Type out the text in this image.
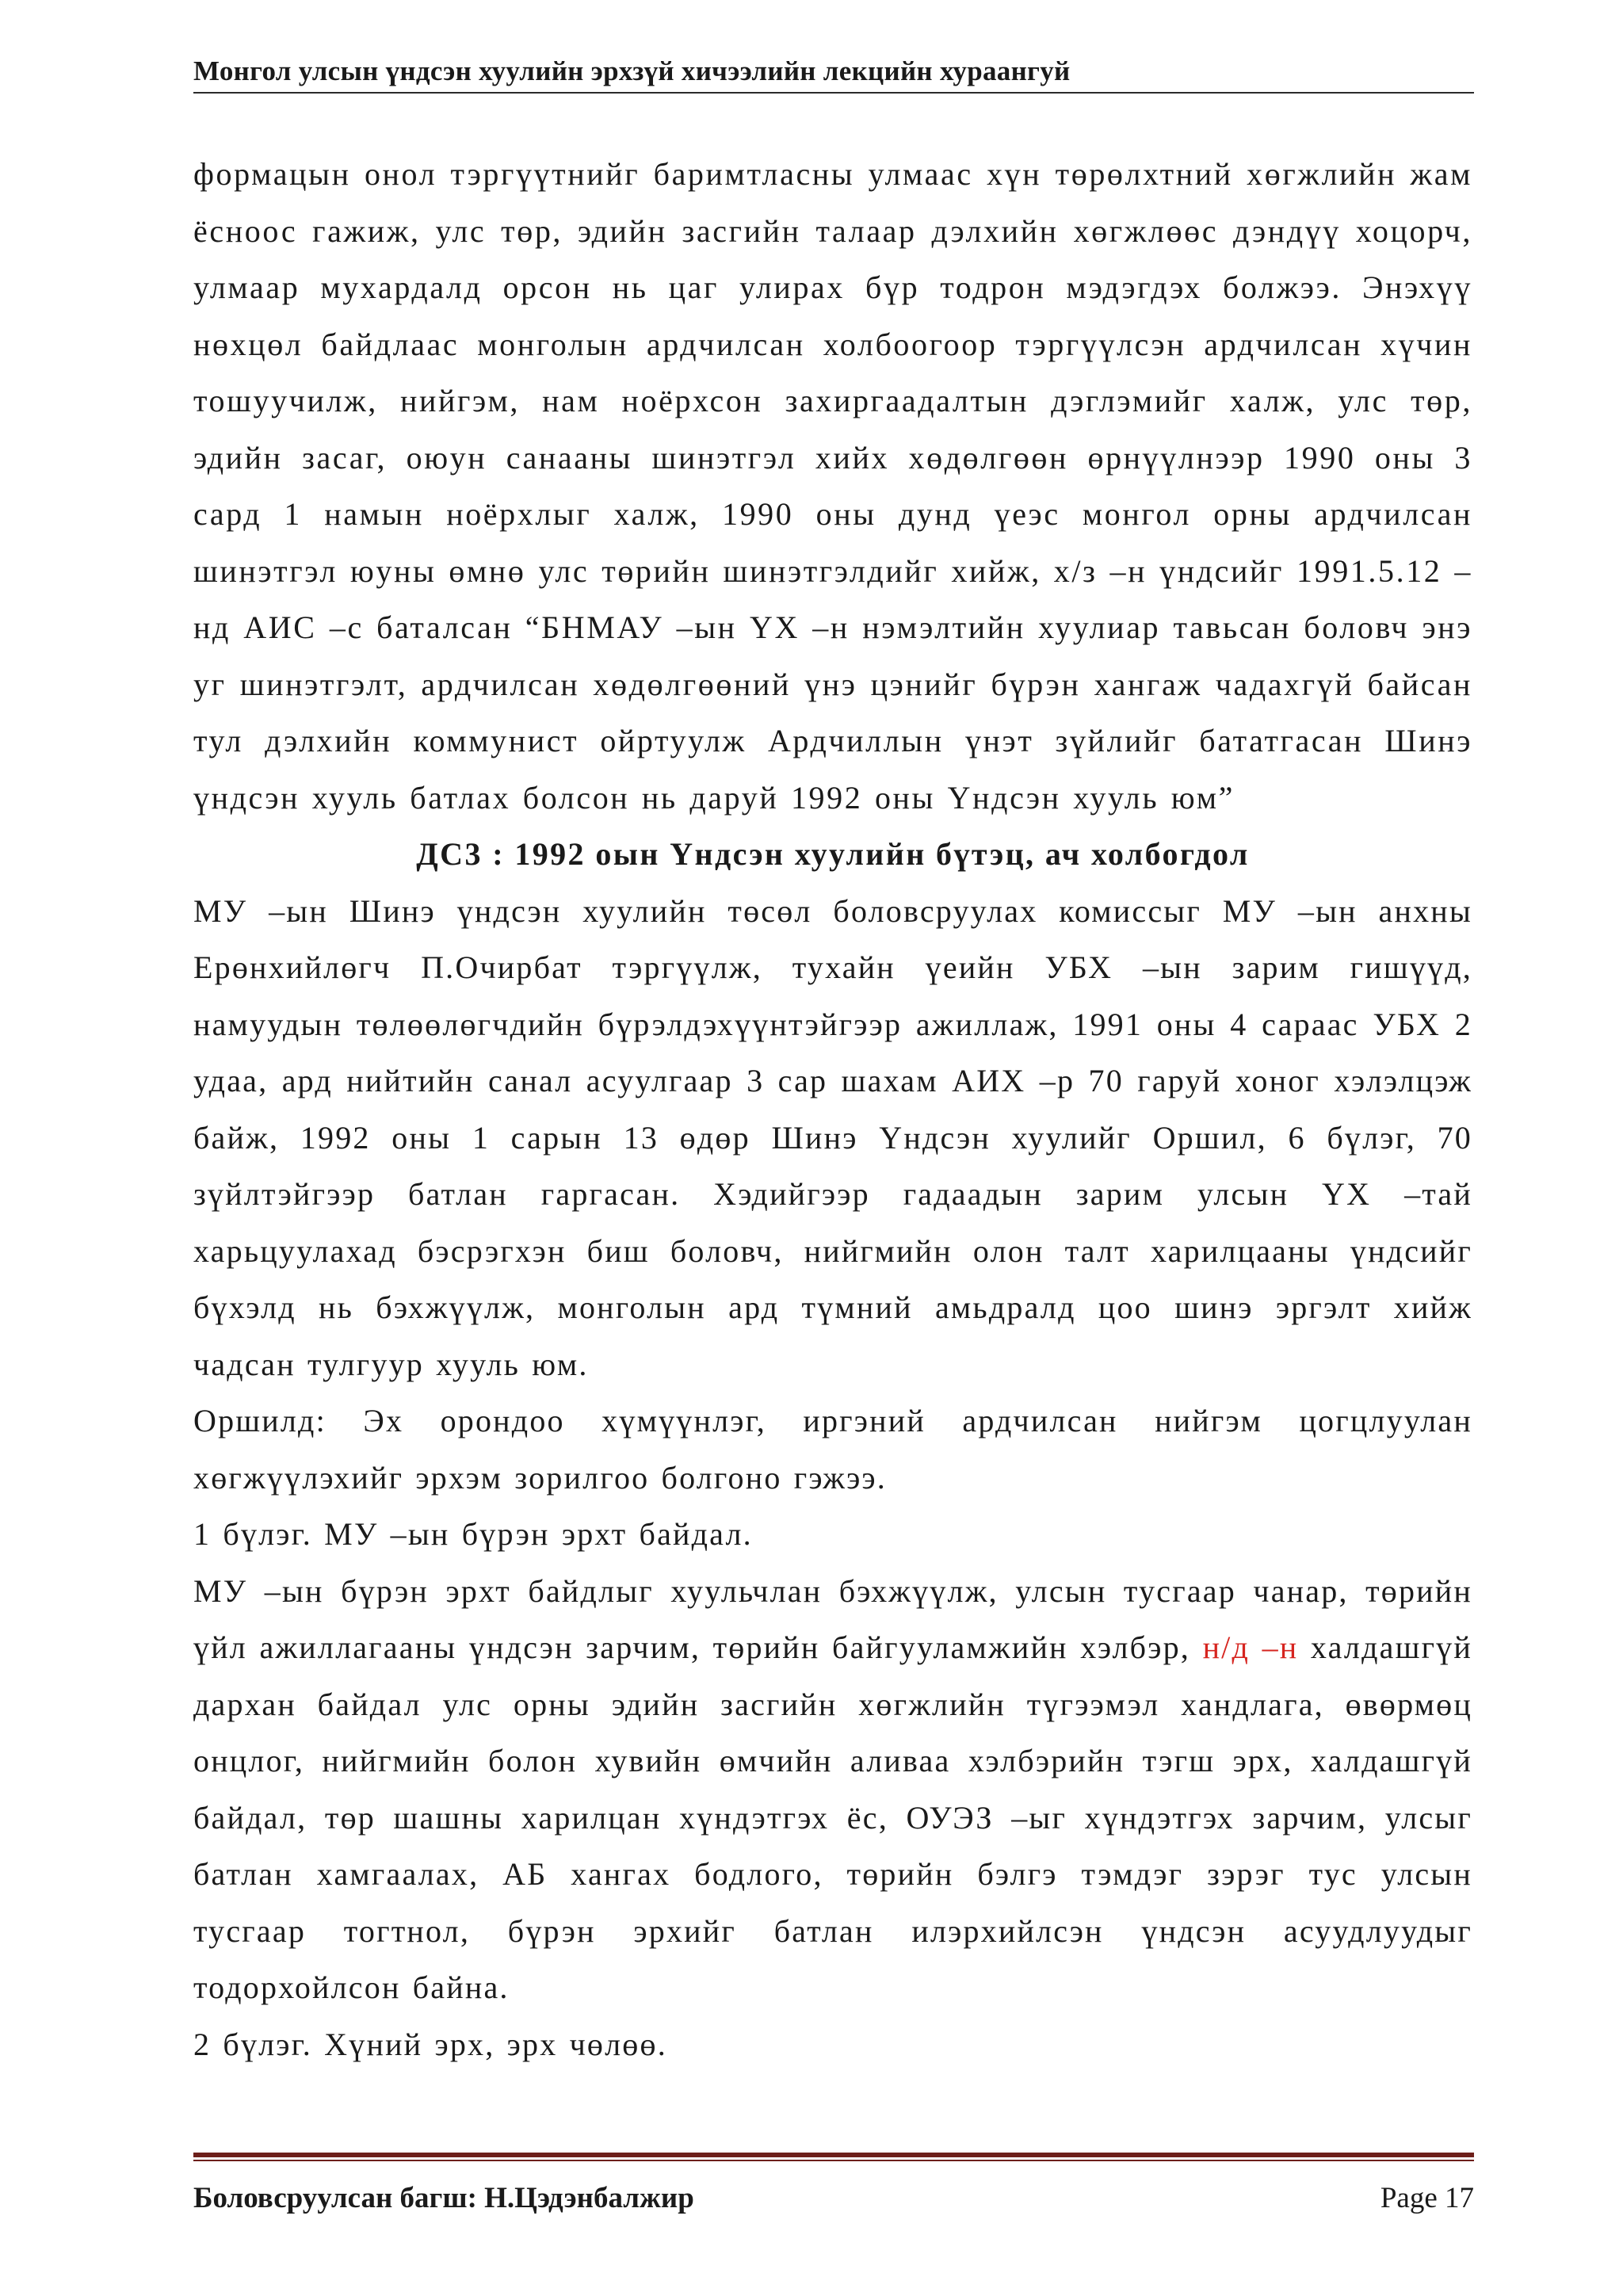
Монгол улсын үндсэн хуулийн эрхзүй хичээлийн лекцийн хураангуй

формацын онол тэргүүтнийг баримтласны улмаас хүн төрөлхтний хөгжлийн жам ёсноос гажиж, улс төр, эдийн засгийн талаар дэлхийн хөгжлөөс дэндүү хоцорч, улмаар мухардалд орсон нь цаг улирах бүр тодрон мэдэгдэх болжээ. Энэхүү нөхцөл байдлаас монголын ардчилсан холбоогоор тэргүүлсэн ардчилсан хүчин тошуучилж, нийгэм, нам ноёрхсон захиргаадалтын дэглэмийг халж, улс төр, эдийн засаг, оюун санааны шинэтгэл хийх хөдөлгөөн өрнүүлнээр 1990 оны 3 сард 1 намын ноёрхлыг халж, 1990 оны дунд үеэс монгол орны ардчилсан шинэтгэл юуны өмнө улс төрийн шинэтгэлдийг хийж, х/з –н үндсийг 1991.5.12 –нд АИС –с баталсан “БНМАУ –ын ҮХ –н нэмэлтийн хуулиар тавьсан боловч энэ уг шинэтгэлт, ардчилсан хөдөлгөөний үнэ цэнийг бүрэн хангаж чадахгүй байсан тул дэлхийн коммунист ойртуулж Ардчиллын үнэт зүйлийг бататгасан Шинэ үндсэн хууль батлах болсон нь даруй 1992 оны Үндсэн хууль юм”

ДС3 : 1992 оын Үндсэн хуулийн бүтэц, ач холбогдол

МУ –ын Шинэ үндсэн хуулийн төсөл боловсруулах комиссыг МУ –ын анхны Ерөнхийлөгч П.Очирбат тэргүүлж, тухайн үеийн УБХ –ын зарим гишүүд, намуудын төлөөлөгчдийн бүрэлдэхүүнтэйгээр ажиллаж, 1991 оны 4 сараас УБХ 2 удаа, ард нийтийн санал асуулгаар 3 сар шахам АИХ –р 70 гаруй хоног хэлэлцэж байж, 1992 оны 1 сарын 13 өдөр Шинэ Үндсэн хуулийг Оршил, 6 бүлэг, 70 зүйлтэйгээр батлан гаргасан. Хэдийгээр гадаадын зарим улсын ҮХ –тай харьцуулахад бэсрэгхэн биш боловч, нийгмийн олон талт харилцааны үндсийг бүхэлд нь бэхжүүлж, монголын ард түмний амьдралд цоо шинэ эргэлт хийж чадсан тулгуур хууль юм.

Оршилд: Эх орондоо хүмүүнлэг, иргэний ардчилсан нийгэм цогцлуулан хөгжүүлэхийг эрхэм зорилгоо болгоно гэжээ.

1 бүлэг. МУ –ын бүрэн эрхт байдал.

МУ –ын бүрэн эрхт байдлыг хуульчлан бэхжүүлж, улсын тусгаар чанар, төрийн үйл ажиллагааны үндсэн зарчим, төрийн байгууламжийн хэлбэр, н/д –н халдашгүй дархан байдал улс орны эдийн засгийн хөгжлийн түгээмэл хандлага, өвөрмөц онцлог, нийгмийн болон хувийн өмчийн аливаа хэлбэрийн тэгш эрх, халдашгүй байдал, төр шашны харилцан хүндэтгэх ёс, ОУЭЗ –ыг хүндэтгэх зарчим, улсыг батлан хамгаалах, АБ хангах бодлого, төрийн бэлгэ тэмдэг зэрэг тус улсын тусгаар тогтнол, бүрэн эрхийг батлан илэрхийлсэн үндсэн асуудлуудыг тодорхойлсон байна.

2 бүлэг. Хүний эрх, эрх чөлөө.

Боловсруулсан багш: Н.Цэдэнбалжир	Page 17
